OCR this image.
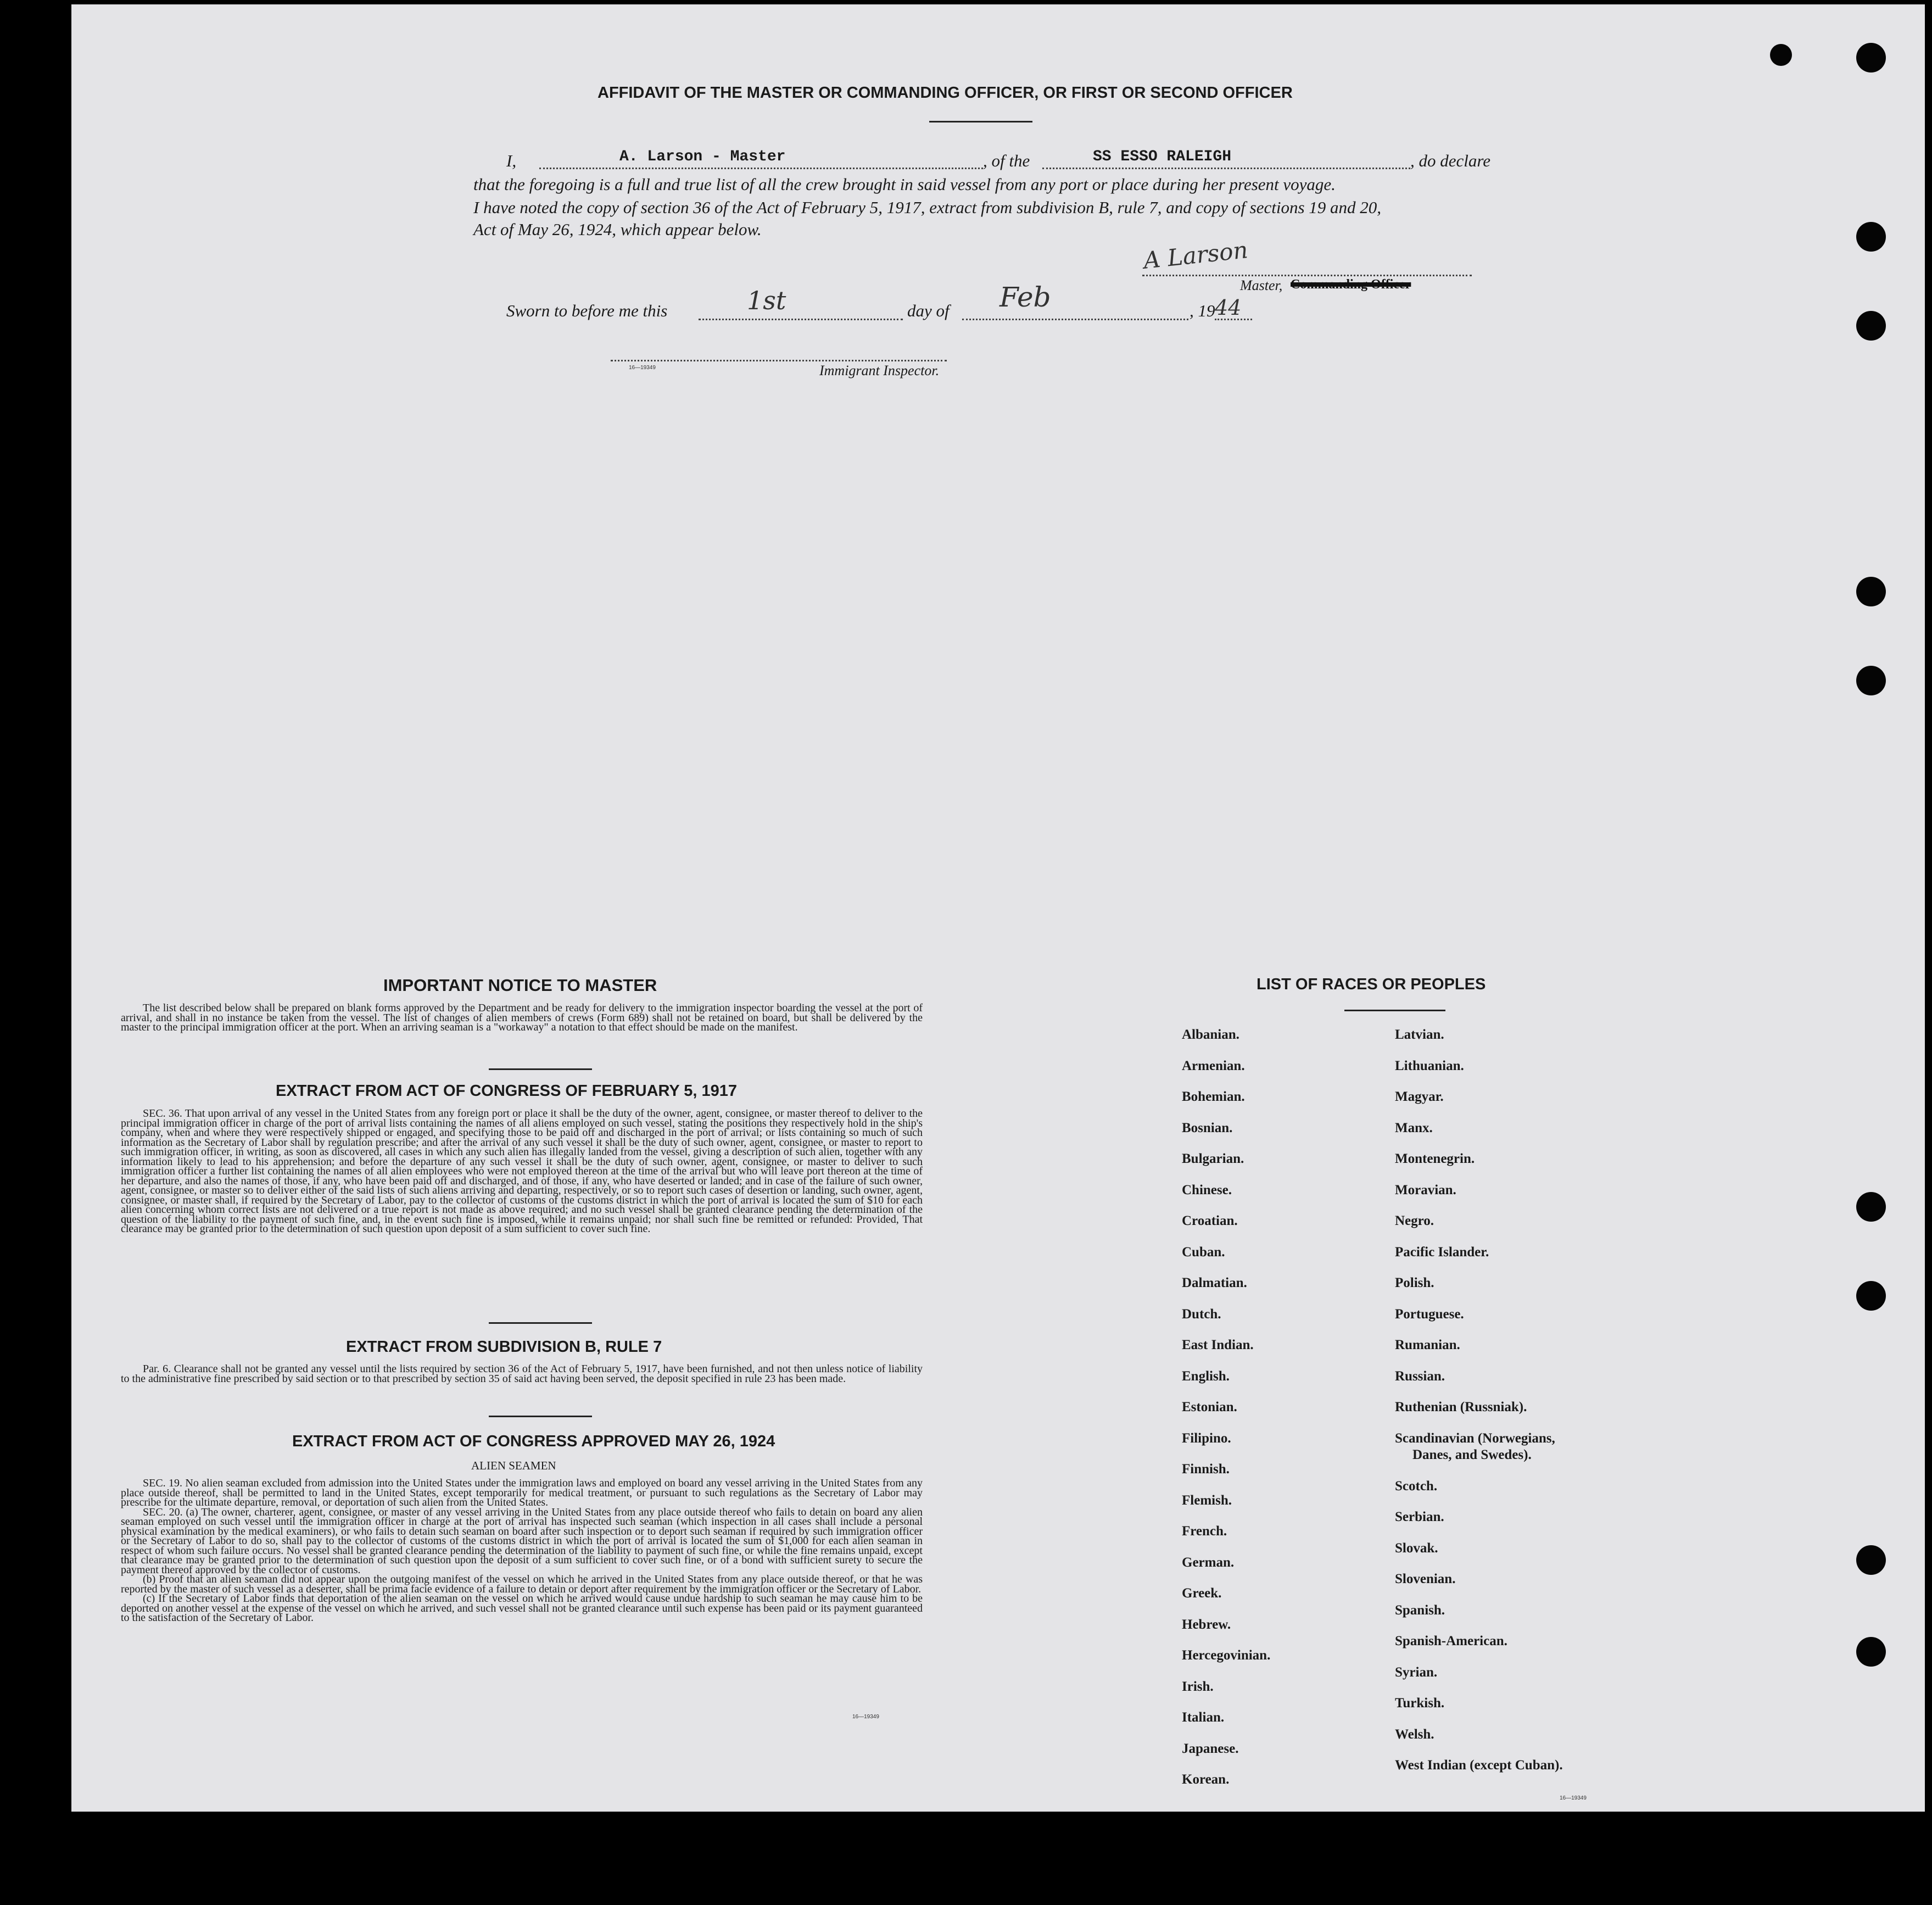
AFFIDAVIT OF THE MASTER OR COMMANDING OFFICER, OR FIRST OR SECOND OFFICER
I,	A. Larson - Master	, of the	SS ESSO RALEIGH	, do declare
that the foregoing is a full and true list of all the crew brought in said vessel from any port or place during her present voyage.
I have noted the copy of section 36 of the Act of February 5, 1917, extract from subdivision B, rule 7, and copy of sections 19 and 20,
Act of May 26, 1924, which appear below.
A Larson
Master, Commanding Officer
Sworn to before me this	1st	day of Feb	, 19 44
16—19349	Immigrant Inspector.
IMPORTANT NOTICE TO MASTER

The list described below shall be prepared on blank forms approved by the Department and be ready for delivery to the immigration inspector boarding the vessel at the port of arrival, and shall in no instance be taken from the vessel. The list of changes of alien members of crews (Form 689) shall not be retained on board, but shall be delivered by the master to the principal immigration officer at the port. When an arriving seaman is a "workaway" a notation to that effect should be made on the manifest.

EXTRACT FROM ACT OF CONGRESS OF FEBRUARY 5, 1917

SEC. 36. That upon arrival of any vessel in the United States from any foreign port or place it shall be the duty of the owner, agent, consignee, or master thereof to deliver to the principal immigration officer in charge of the port of arrival lists containing the names of all aliens employed on such vessel, stating the positions they respectively hold in the ship's company, when and where they were respectively shipped or engaged, and specifying those to be paid off and discharged in the port of arrival; or lists containing so much of such information as the Secretary of Labor shall by regulation prescribe; and after the arrival of any such vessel it shall be the duty of such owner, agent, consignee, or master to report to such immigration officer, in writing, as soon as discovered, all cases in which any such alien has illegally landed from the vessel, giving a description of such alien, together with any information likely to lead to his apprehension; and before the departure of any such vessel it shall be the duty of such owner, agent, consignee, or master to deliver to such immigration officer a further list containing the names of all alien employees who were not employed thereon at the time of the arrival but who will leave port thereon at the time of her departure, and also the names of those, if any, who have been paid off and discharged, and of those, if any, who have deserted or landed; and in case of the failure of such owner, agent, consignee, or master so to deliver either of the said lists of such aliens arriving and departing, respectively, or so to report such cases of desertion or landing, such owner, agent, consignee, or master shall, if required by the Secretary of Labor, pay to the collector of customs of the customs district in which the port of arrival is located the sum of $10 for each alien concerning whom correct lists are not delivered or a true report is not made as above required; and no such vessel shall be granted clearance pending the determination of the question of the liability to the payment of such fine, and, in the event such fine is imposed, while it remains unpaid; nor shall such fine be remitted or refunded: Provided, That clearance may be granted prior to the determination of such question upon deposit of a sum sufficient to cover such fine.

EXTRACT FROM SUBDIVISION B, RULE 7

Par. 6. Clearance shall not be granted any vessel until the lists required by section 36 of the Act of February 5, 1917, have been furnished, and not then unless notice of liability to the administrative fine prescribed by said section or to that prescribed by section 35 of said act having been served, the deposit specified in rule 23 has been made.

EXTRACT FROM ACT OF CONGRESS APPROVED MAY 26, 1924
ALIEN SEAMEN

SEC. 19. No alien seaman excluded from admission into the United States under the immigration laws and employed on board any vessel arriving in the United States from any place outside thereof, shall be permitted to land in the United States, except temporarily for medical treatment, or pursuant to such regulations as the Secretary of Labor may prescribe for the ultimate departure, removal, or deportation of such alien from the United States.

SEC. 20. (a) The owner, charterer, agent, consignee, or master of any vessel arriving in the United States from any place outside thereof who fails to detain on board any alien seaman employed on such vessel until the immigration officer in charge at the port of arrival has inspected such seaman (which inspection in all cases shall include a personal physical examination by the medical examiners), or who fails to detain such seaman on board after such inspection or to deport such seaman if required by such immigration officer or the Secretary of Labor to do so, shall pay to the collector of customs of the customs district in which the port of arrival is located the sum of $1,000 for each alien seaman in respect of whom such failure occurs. No vessel shall be granted clearance pending the determination of the liability to payment of such fine, or while the fine remains unpaid, except that clearance may be granted prior to the determination of such question upon the deposit of a sum sufficient to cover such fine, or of a bond with sufficient surety to secure the payment thereof approved by the collector of customs.

(b) Proof that an alien seaman did not appear upon the outgoing manifest of the vessel on which he arrived in the United States from any place outside thereof, or that he was reported by the master of such vessel as a deserter, shall be prima facie evidence of a failure to detain or deport after requirement by the immigration officer or the Secretary of Labor.

(c) If the Secretary of Labor finds that deportation of the alien seaman on the vessel on which he arrived would cause undue hardship to such seaman he may cause him to be deported on another vessel at the expense of the vessel on which he arrived, and such vessel shall not be granted clearance until such expense has been paid or its payment guaranteed to the satisfaction of the Secretary of Labor.

16—19349
LIST OF RACES OR PEOPLES
Albanian.
Armenian.
Bohemian.
Bosnian.
Bulgarian.
Chinese.
Croatian.
Cuban.
Dalmatian.
Dutch.
East Indian.
English.
Estonian.
Filipino.
Finnish.
Flemish.
French.
German.
Greek.
Hebrew.
Hercegovinian.
Irish.
Italian.
Japanese.
Korean.
Latvian.
Lithuanian.
Magyar.
Manx.
Montenegrin.
Moravian.
Negro.
Pacific Islander.
Polish.
Portuguese.
Rumanian.
Russian.
Ruthenian (Russniak).
Scandinavian (Norwegians,
Danes, and Swedes).
Scotch.
Serbian.
Slovak.
Slovenian.
Spanish.
Spanish-American.
Syrian.
Turkish.
Welsh.
West Indian (except Cuban).
16—19349
